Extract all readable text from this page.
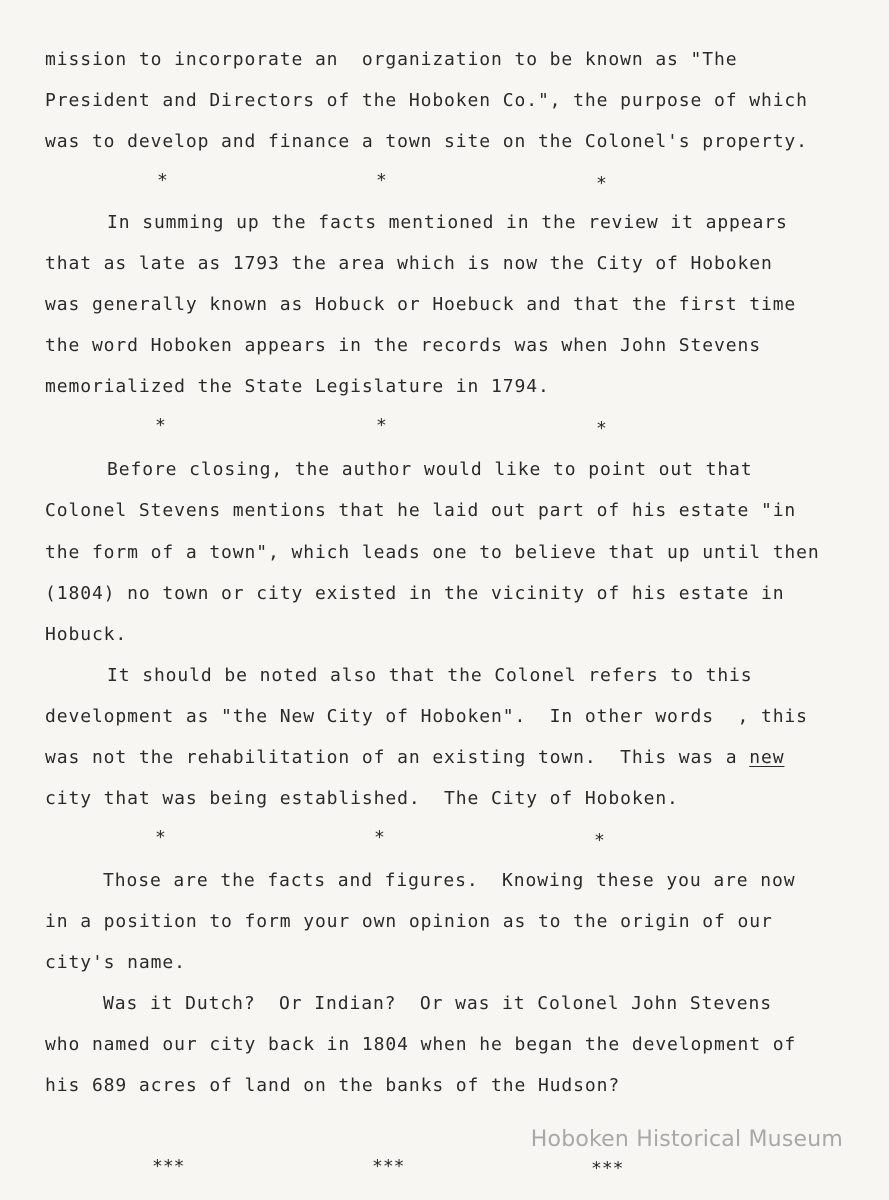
mission to incorporate an  organization to be known as "The
President and Directors of the Hoboken Co.", the purpose of which
was to develop and finance a town site on the Colonel's property.
*	*	*
In summing up the facts mentioned in the review it appears
that as late as 1793 the area which is now the City of Hoboken
was generally known as Hobuck or Hoebuck and that the first time
the word Hoboken appears in the records was when John Stevens
memorialized the State Legislature in 1794.
*	*	*
Before closing, the author would like to point out that
Colonel Stevens mentions that he laid out part of his estate "in
the form of a town", which leads one to believe that up until then
(1804) no town or city existed in the vicinity of his estate in
Hobuck.
It should be noted also that the Colonel refers to this
development as "the New City of Hoboken".  In other words  , this
was not the rehabilitation of an existing town.  This was a new
city that was being established.  The City of Hoboken.
*	*	*
Those are the facts and figures.  Knowing these you are now
in a position to form your own opinion as to the origin of our
city's name.
Was it Dutch?  Or Indian?  Or was it Colonel John Stevens
who named our city back in 1804 when he began the development of
his 689 acres of land on the banks of the Hudson?
***	***	***
Hoboken Historical Museum
